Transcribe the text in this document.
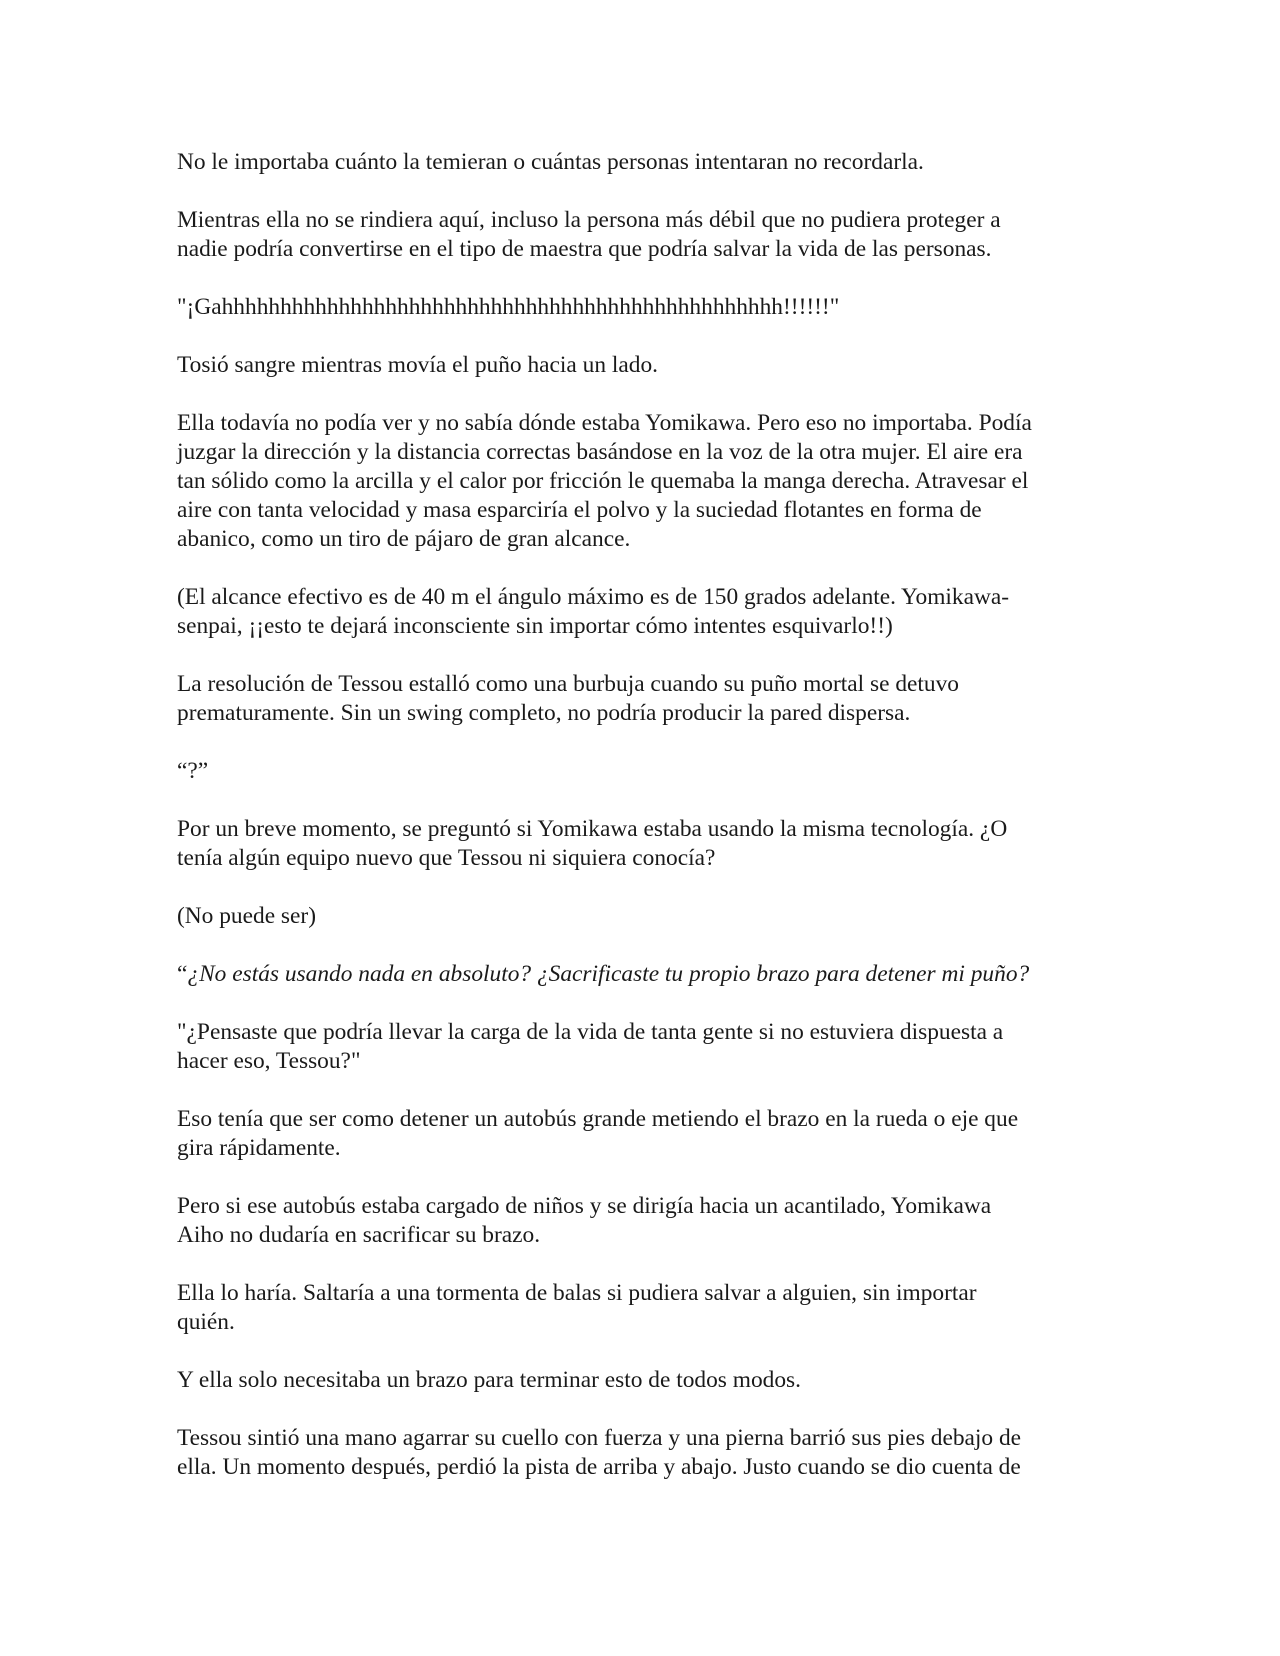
No le importaba cuánto la temieran o cuántas personas intentaran no recordarla.

Mientras ella no se rindiera aquí, incluso la persona más débil que no pudiera proteger a
nadie podría convertirse en el tipo de maestra que podría salvar la vida de las personas.

"¡Gahhhhhhhhhhhhhhhhhhhhhhhhhhhhhhhhhhhhhhhhhhhhhhhh!!!!!!"

Tosió sangre mientras movía el puño hacia un lado.

Ella todavía no podía ver y no sabía dónde estaba Yomikawa. Pero eso no importaba. Podía
juzgar la dirección y la distancia correctas basándose en la voz de la otra mujer. El aire era
tan sólido como la arcilla y el calor por fricción le quemaba la manga derecha. Atravesar el
aire con tanta velocidad y masa esparciría el polvo y la suciedad flotantes en forma de
abanico, como un tiro de pájaro de gran alcance.

(El alcance efectivo es de 40 m el ángulo máximo es de 150 grados adelante. Yomikawa-
senpai, ¡¡esto te dejará inconsciente sin importar cómo intentes esquivarlo!!)

La resolución de Tessou estalló como una burbuja cuando su puño mortal se detuvo
prematuramente. Sin un swing completo, no podría producir la pared dispersa.

“?”

Por un breve momento, se preguntó si Yomikawa estaba usando la misma tecnología. ¿O
tenía algún equipo nuevo que Tessou ni siquiera conocía?

(No puede ser)

“¿No estás usando nada en absoluto? ¿Sacrificaste tu propio brazo para detener mi puño?

"¿Pensaste que podría llevar la carga de la vida de tanta gente si no estuviera dispuesta a
hacer eso, Tessou?"

Eso tenía que ser como detener un autobús grande metiendo el brazo en la rueda o eje que
gira rápidamente.

Pero si ese autobús estaba cargado de niños y se dirigía hacia un acantilado, Yomikawa
Aiho no dudaría en sacrificar su brazo.

Ella lo haría. Saltaría a una tormenta de balas si pudiera salvar a alguien, sin importar
quién.

Y ella solo necesitaba un brazo para terminar esto de todos modos.

Tessou sintió una mano agarrar su cuello con fuerza y una pierna barrió sus pies debajo de
ella. Un momento después, perdió la pista de arriba y abajo. Justo cuando se dio cuenta de
